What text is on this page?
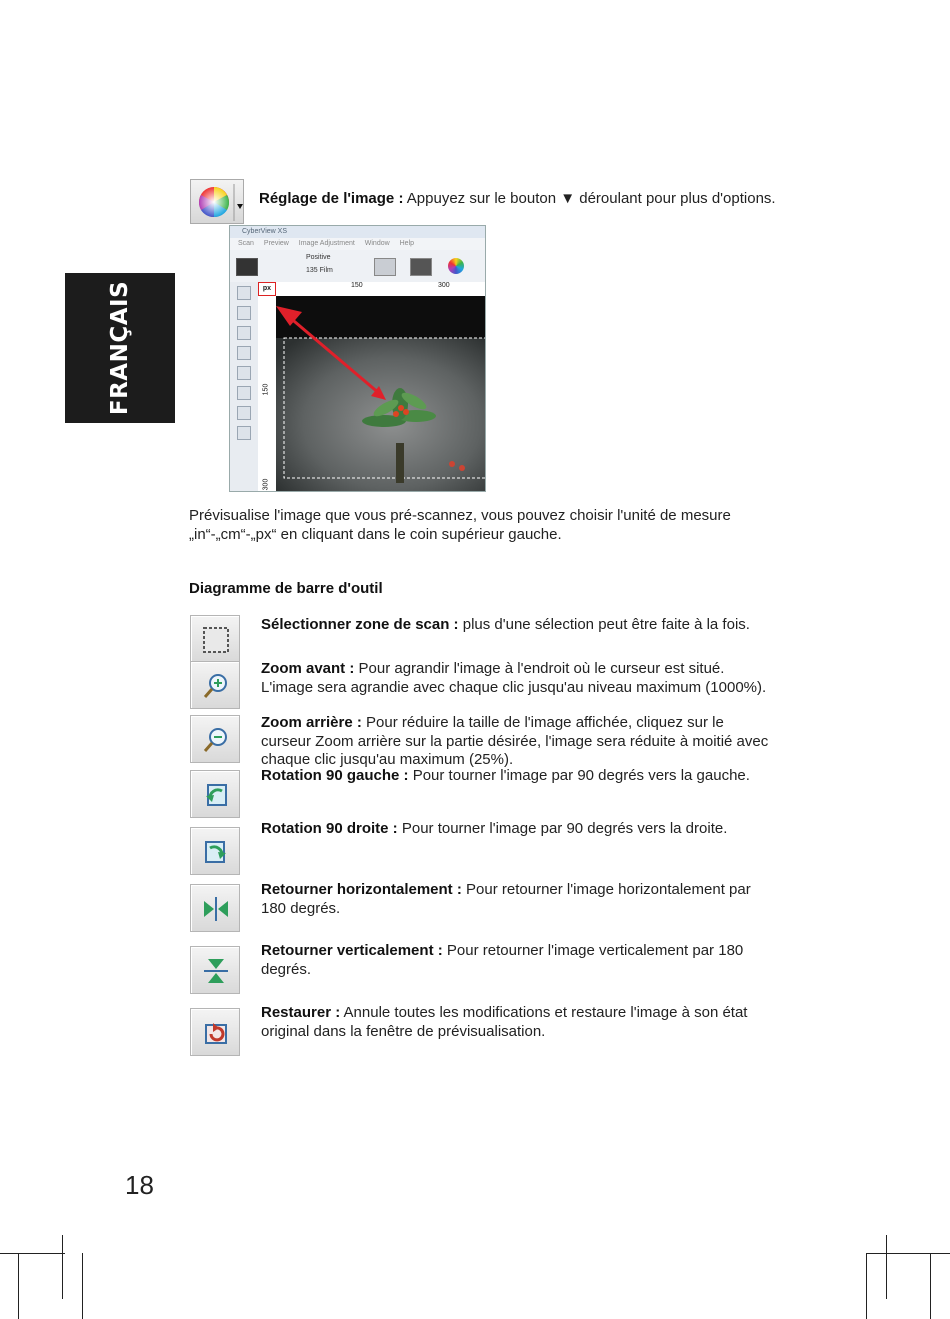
FRANÇAIS
Réglage de l'image : Appuyez sur le bouton ▼ déroulant pour plus d'options.
CyberView XS
Scan Preview Image Adjustment Window Help
Positive
135 Film
px	150	300
150
300
Prévisualise l'image que vous pré-scannez, vous pouvez choisir l'unité de mesure
„in“-„cm“-„px“ en cliquant dans le coin supérieur gauche.
Diagramme de barre d'outil
Sélectionner zone de scan : plus d'une sélection peut être faite à la fois.
Zoom avant : Pour agrandir l'image à l'endroit où le curseur est situé.
L'image sera agrandie avec chaque clic jusqu'au niveau maximum (1000%).
Zoom arrière : Pour réduire la taille de l'image affichée, cliquez sur le
curseur Zoom arrière sur la partie désirée, l'image sera réduite à moitié avec
chaque clic jusqu'au maximum (25%).
Rotation 90 gauche : Pour tourner l'image par 90 degrés vers la gauche.
Rotation 90 droite : Pour tourner l'image par 90 degrés vers la droite.
Retourner horizontalement : Pour retourner l'image horizontalement par
180 degrés.
Retourner verticalement : Pour retourner l'image verticalement par 180
degrés.
Restaurer : Annule toutes les modifications et restaure l'image à son état
original dans la fenêtre de prévisualisation.
18
